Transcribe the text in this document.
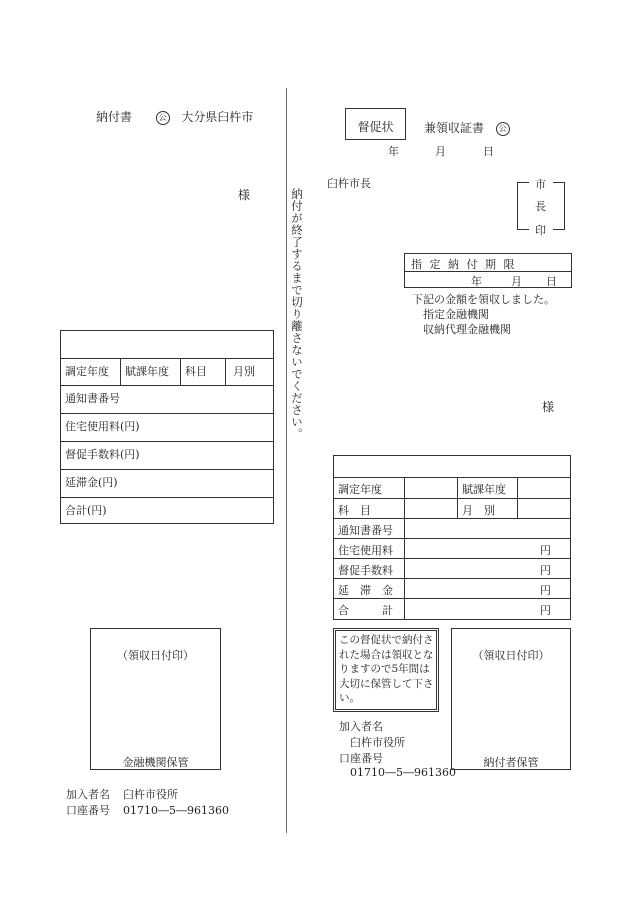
納付書	公 大分県臼杵市
様
調定年度 賦課年度 科目 月別
通知書番号
住宅使用料(円)
督促手数料(円)
延滞金(円)
合計(円)
（領収日付印）
金融機関保管
加入者名 臼杵市役所
口座番号 01710―5―961360
納付が終了するまで切り離さないでください。
督促状	兼領収証書 公
年	月	日
臼杵市長	市
長
印
指 定 納 付 期 限
年	月 日
下記の金額を領収しました。
指定金融機関
収納代理金融機関
様
調定年度	賦課年度
科　目	月　別
通知書番号
住宅使用料	円
督促手数料	円
延　滞　金	円
合　　　計	円
この督促状で納付された場合は領収となりますので5年間は大切に保管して下さい。
（領収日付印）
納付者保管
加入者名
臼杵市役所
口座番号
01710―5―961360
